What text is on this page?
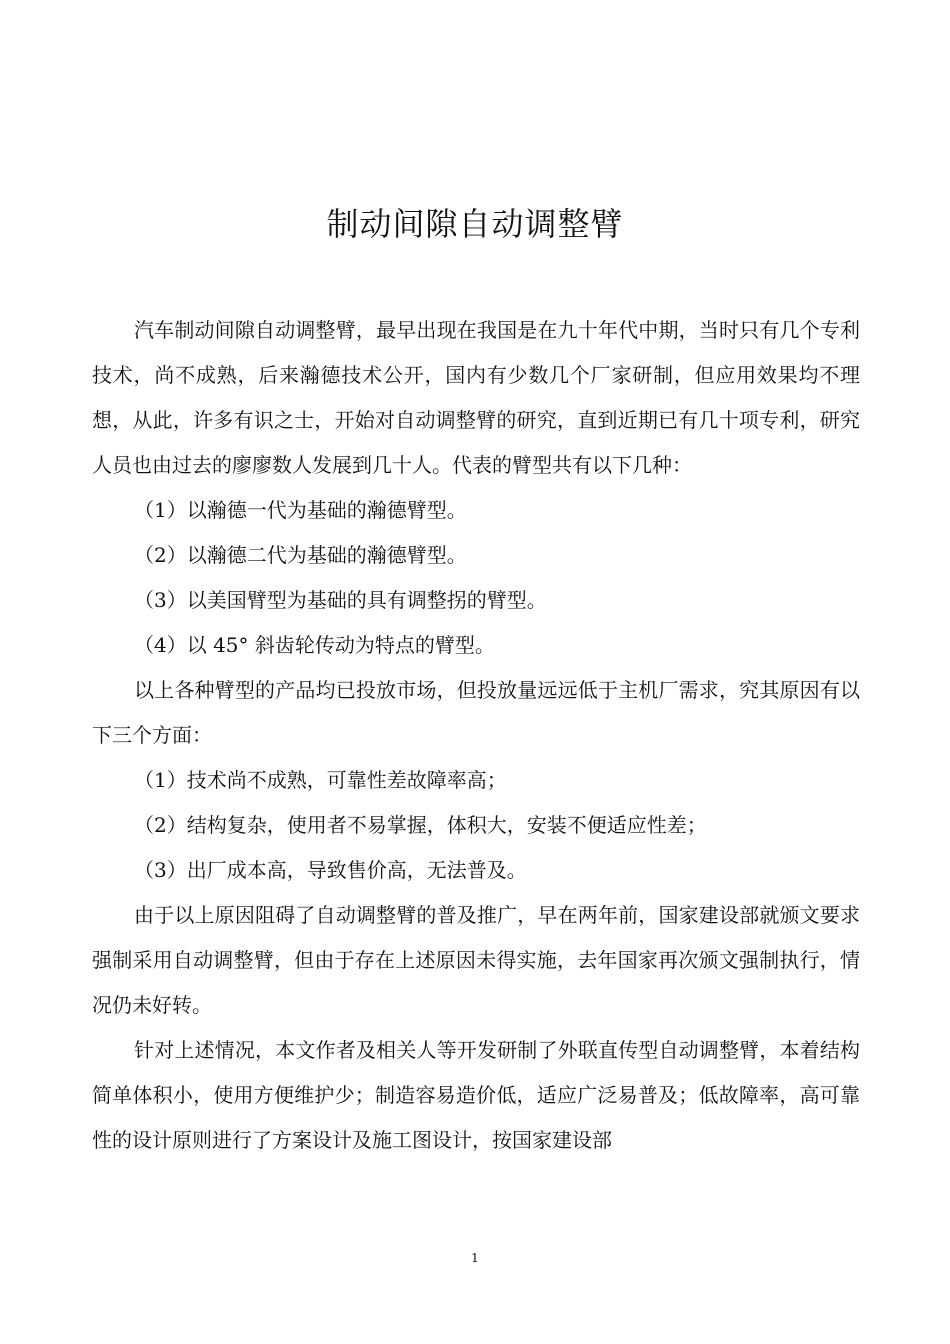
制动间隙自动调整臂

汽车制动间隙自动调整臂，最早出现在我国是在九十年代中期，当时只有几个专利技术，尚不成熟，后来瀚德技术公开，国内有少数几个厂家研制，但应用效果均不理想，从此，许多有识之士，开始对自动调整臂的研究，直到近期已有几十项专利，研究人员也由过去的廖廖数人发展到几十人。代表的臂型共有以下几种：

（1）以瀚德一代为基础的瀚德臂型。

（2）以瀚德二代为基础的瀚德臂型。

（3）以美国臂型为基础的具有调整拐的臂型。

（4）以 45° 斜齿轮传动为特点的臂型。

以上各种臂型的产品均已投放市场，但投放量远远低于主机厂需求，究其原因有以下三个方面：

（1）技术尚不成熟，可靠性差故障率高；

（2）结构复杂，使用者不易掌握，体积大，安装不便适应性差；

（3）出厂成本高，导致售价高，无法普及。

由于以上原因阻碍了自动调整臂的普及推广，早在两年前，国家建设部就颁文要求强制采用自动调整臂，但由于存在上述原因未得实施，去年国家再次颁文强制执行，情况仍未好转。

针对上述情况，本文作者及相关人等开发研制了外联直传型自动调整臂，本着结构简单体积小，使用方便维护少；制造容易造价低，适应广泛易普及；低故障率，高可靠性的设计原则进行了方案设计及施工图设计，按国家建设部

1
